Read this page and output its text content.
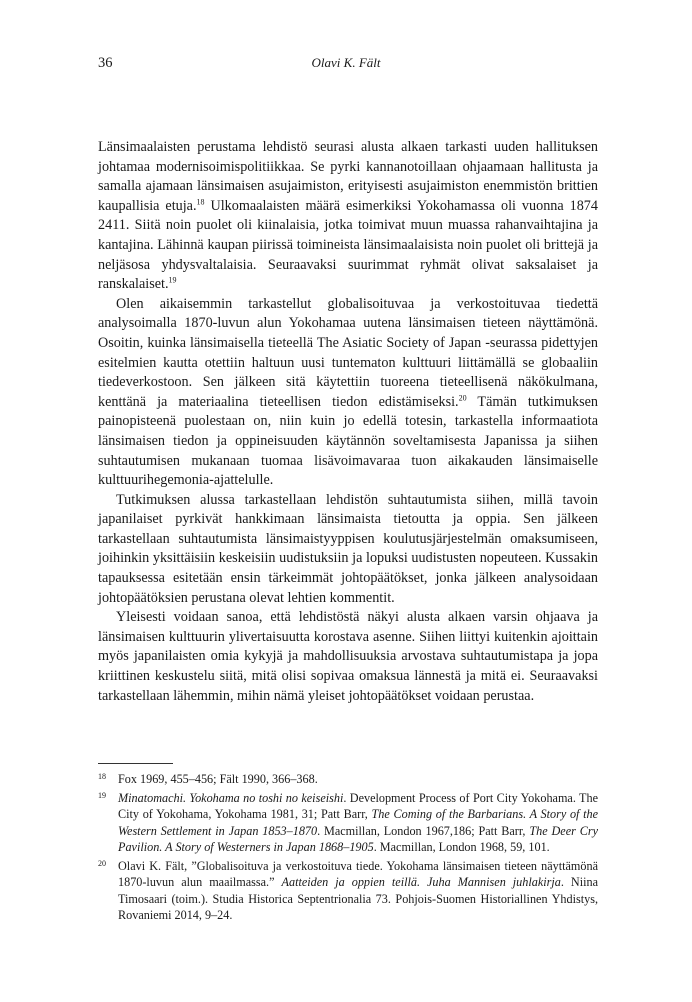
36	Olavi K. Fält

Länsimaalaisten perustama lehdistö seurasi alusta alkaen tarkasti uuden hallituksen johtamaa modernisoimispolitiikkaa. Se pyrki kannanotoillaan ohjaamaan hallitusta ja samalla ajamaan länsimaisen asujaimiston, erityisesti asujaimiston enemmistön brittien kaupallisia etuja.$^{18}$ Ulkomaalaisten määrä esimerkiksi Yokohamassa oli vuonna 1874 2411. Siitä noin puolet oli kiinalaisia, jotka toimivat muun muassa rahanvaihtajina ja kantajina. Lähinnä kaupan piirissä toimineista länsimaalaisista noin puolet oli brittejä ja neljäsosa yhdysvaltalaisia. Seuraavaksi suurimmat ryhmät olivat saksalaiset ja ranskalaiset.$^{19}$

Olen aikaisemmin tarkastellut globalisoituvaa ja verkostoituvaa tiedettä analysoimalla 1870-luvun alun Yokohamaa uutena länsimaisen tieteen näyttämönä. Osoitin, kuinka länsimaisella tieteellä The Asiatic Society of Japan -seurassa pidettyjen esitelmien kautta otettiin haltuun uusi tuntematon kulttuuri liittämällä se globaaliin tiedeverkostoon. Sen jälkeen sitä käytettiin tuoreena tieteellisenä näkökulmana, kenttänä ja materiaalina tieteellisen tiedon edistämiseksi.$^{20}$ Tämän tutkimuksen painopisteenä puolestaan on, niin kuin jo edellä totesin, tarkastella informaatiota länsimaisen tiedon ja oppineisuuden käytännön soveltamisesta Japanissa ja siihen suhtautumisen mukanaan tuomaa lisävoimavaraa tuon aikakauden länsimaiselle kulttuurihegemonia-ajattelulle.

Tutkimuksen alussa tarkastellaan lehdistön suhtautumista siihen, millä tavoin japanilaiset pyrkivät hankkimaan länsimaista tietoutta ja oppia. Sen jälkeen tarkastellaan suhtautumista länsimaistyyppisen koulutusjärjestelmän omaksumiseen, joihinkin yksittäisiin keskeisiin uudistuksiin ja lopuksi uudistusten nopeuteen. Kussakin tapauksessa esitetään ensin tärkeimmät johtopäätökset, jonka jälkeen analysoidaan johtopäätöksien perustana olevat lehtien kommentit.

Yleisesti voidaan sanoa, että lehdistöstä näkyi alusta alkaen varsin ohjaava ja länsimaisen kulttuurin ylivertaisuutta korostava asenne. Siihen liittyi kuitenkin ajoittain myös japanilaisten omia kykyjä ja mahdollisuuksia arvostava suhtautumistapa ja jopa kriittinen keskustelu siitä, mitä olisi sopivaa omaksua lännestä ja mitä ei. Seuraavaksi tarkastellaan lähemmin, mihin nämä yleiset johtopäätökset voidaan perustaa.

18 Fox 1969, 455–456; Fält 1990, 366–368.
19 Minatomachi. Yokohama no toshi no keiseishi. Development Process of Port City Yokohama. The City of Yokohama, Yokohama 1981, 31; Patt Barr, The Coming of the Barbarians. A Story of the Western Settlement in Japan 1853–1870. Macmillan, London 1967,186; Patt Barr, The Deer Cry Pavilion. A Story of Westerners in Japan 1868–1905. Macmillan, London 1968, 59, 101.
20 Olavi K. Fält, ”Globalisoituva ja verkostoituva tiede. Yokohama länsimaisen tieteen näyttämönä 1870-luvun alun maailmassa.” Aatteiden ja oppien teillä. Juha Mannisen juhlakirja. Niina Timosaari (toim.). Studia Historica Septentrionalia 73. Pohjois-Suomen Historiallinen Yhdistys, Rovaniemi 2014, 9–24.
